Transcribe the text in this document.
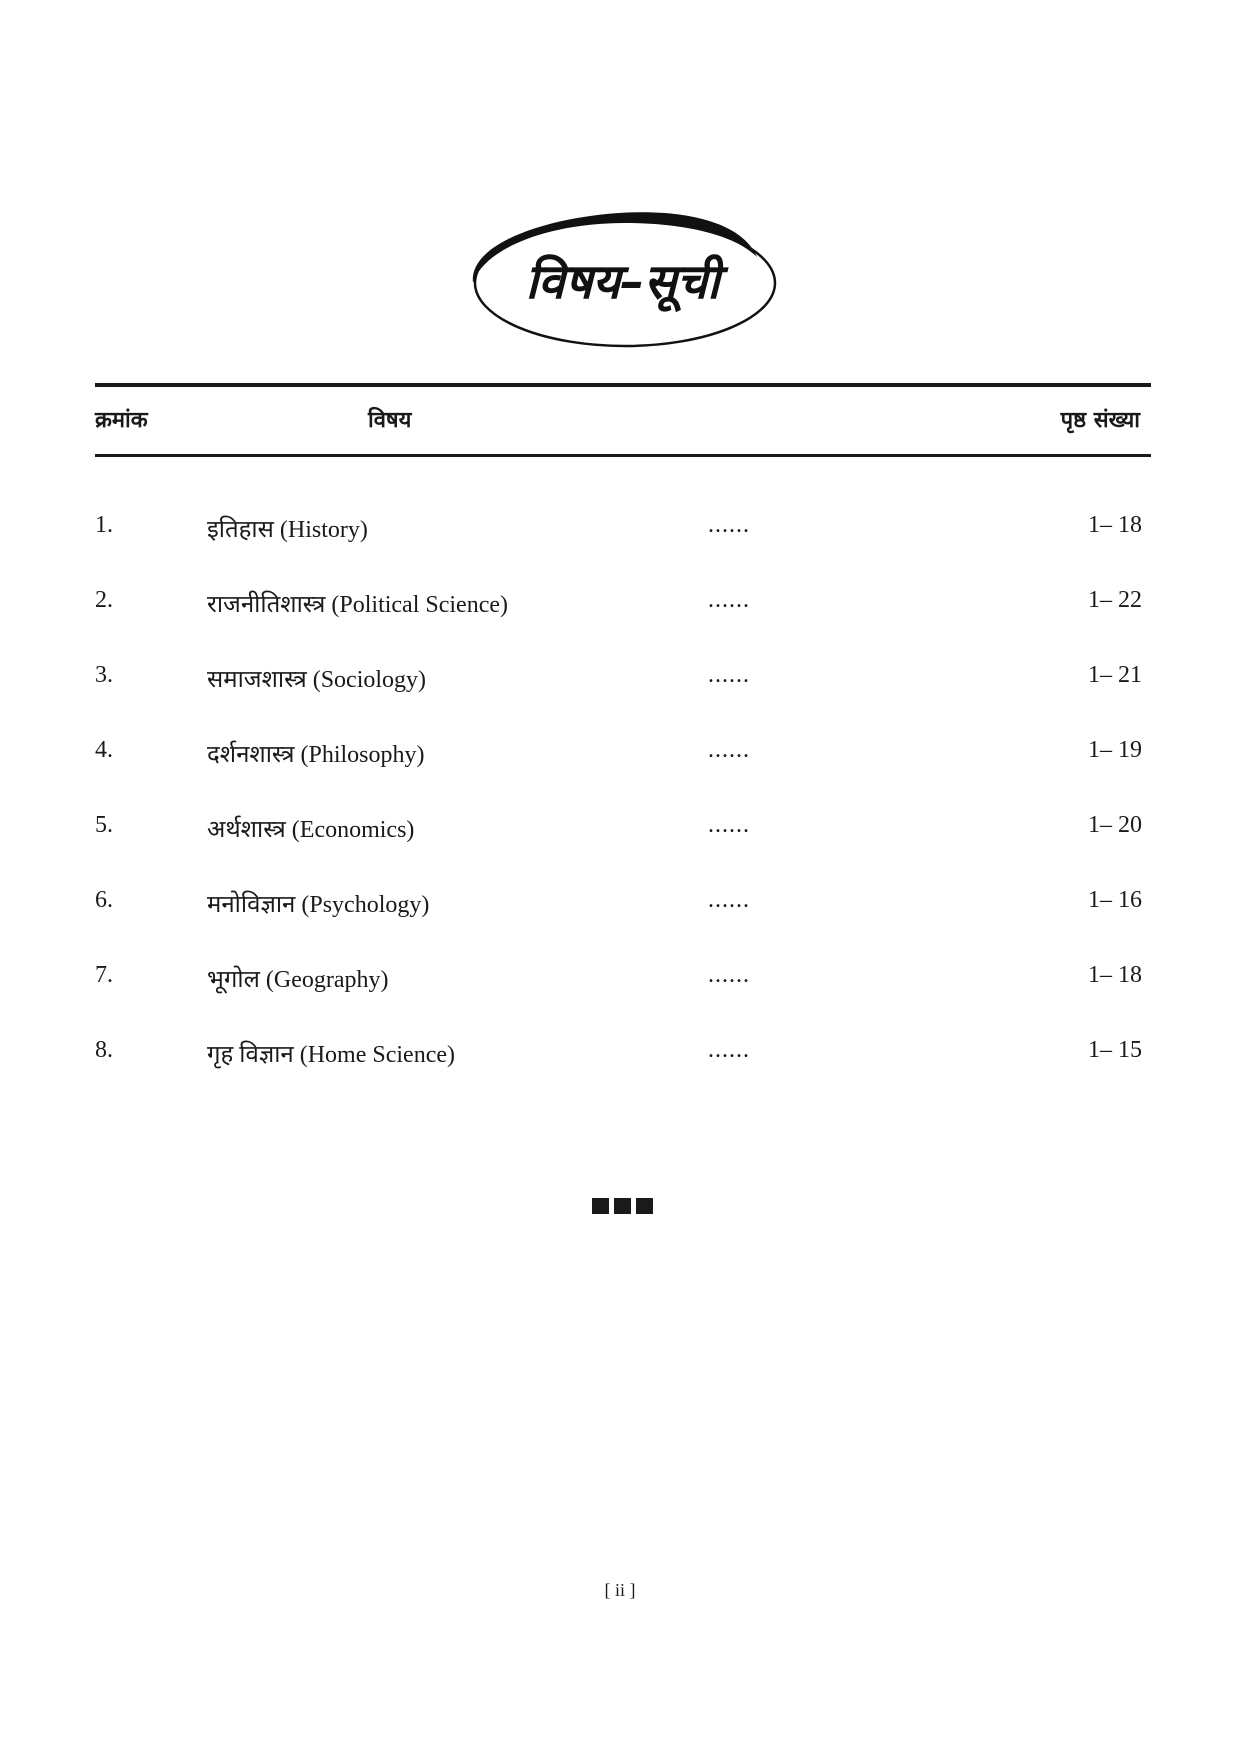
विषय–सूची
क्रमांक	विषय	पृष्ठ संख्या
1.	इतिहास (History)	......	1– 18
2.	राजनीतिशास्त्र (Political Science)	......	1– 22
3.	समाजशास्त्र (Sociology)	......	1– 21
4.	दर्शनशास्त्र (Philosophy)	......	1– 19
5.	अर्थशास्त्र (Economics)	......	1– 20
6.	मनोविज्ञान (Psychology)	......	1– 16
7.	भूगोल (Geography)	......	1– 18
8.	गृह विज्ञान (Home Science)	......	1– 15
[ ii ]
